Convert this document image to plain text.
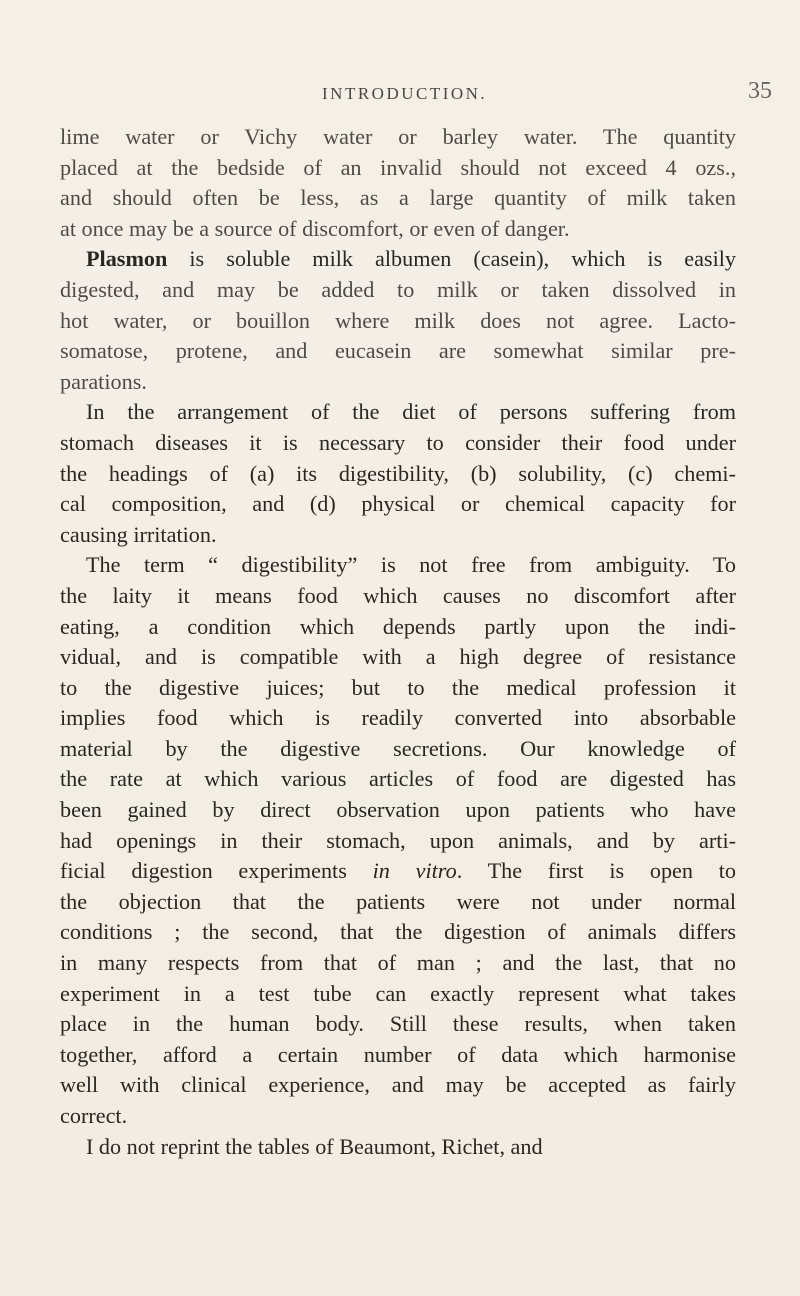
INTRODUCTION.	35
lime water or Vichy water or barley water. The quantity
placed at the bedside of an invalid should not exceed 4 ozs.,
and should often be less, as a large quantity of milk taken
at once may be a source of discomfort, or even of danger.
Plasmon is soluble milk albumen (casein), which is easily
digested, and may be added to milk or taken dissolved in
hot water, or bouillon where milk does not agree. Lacto-
somatose, protene, and eucasein are somewhat similar pre-
parations.
In the arrangement of the diet of persons suffering from
stomach diseases it is necessary to consider their food under
the headings of (a) its digestibility, (b) solubility, (c) chemi-
cal composition, and (d) physical or chemical capacity for
causing irritation.
The term “ digestibility” is not free from ambiguity. To
the laity it means food which causes no discomfort after
eating, a condition which depends partly upon the indi-
vidual, and is compatible with a high degree of resistance
to the digestive juices; but to the medical profession it
implies food which is readily converted into absorbable
material by the digestive secretions. Our knowledge of
the rate at which various articles of food are digested has
been gained by direct observation upon patients who have
had openings in their stomach, upon animals, and by arti-
ficial digestion experiments in vitro. The first is open to
the objection that the patients were not under normal
conditions ; the second, that the digestion of animals differs
in many respects from that of man ; and the last, that no
experiment in a test tube can exactly represent what takes
place in the human body. Still these results, when taken
together, afford a certain number of data which harmonise
well with clinical experience, and may be accepted as fairly
correct.
I do not reprint the tables of Beaumont, Richet, and
